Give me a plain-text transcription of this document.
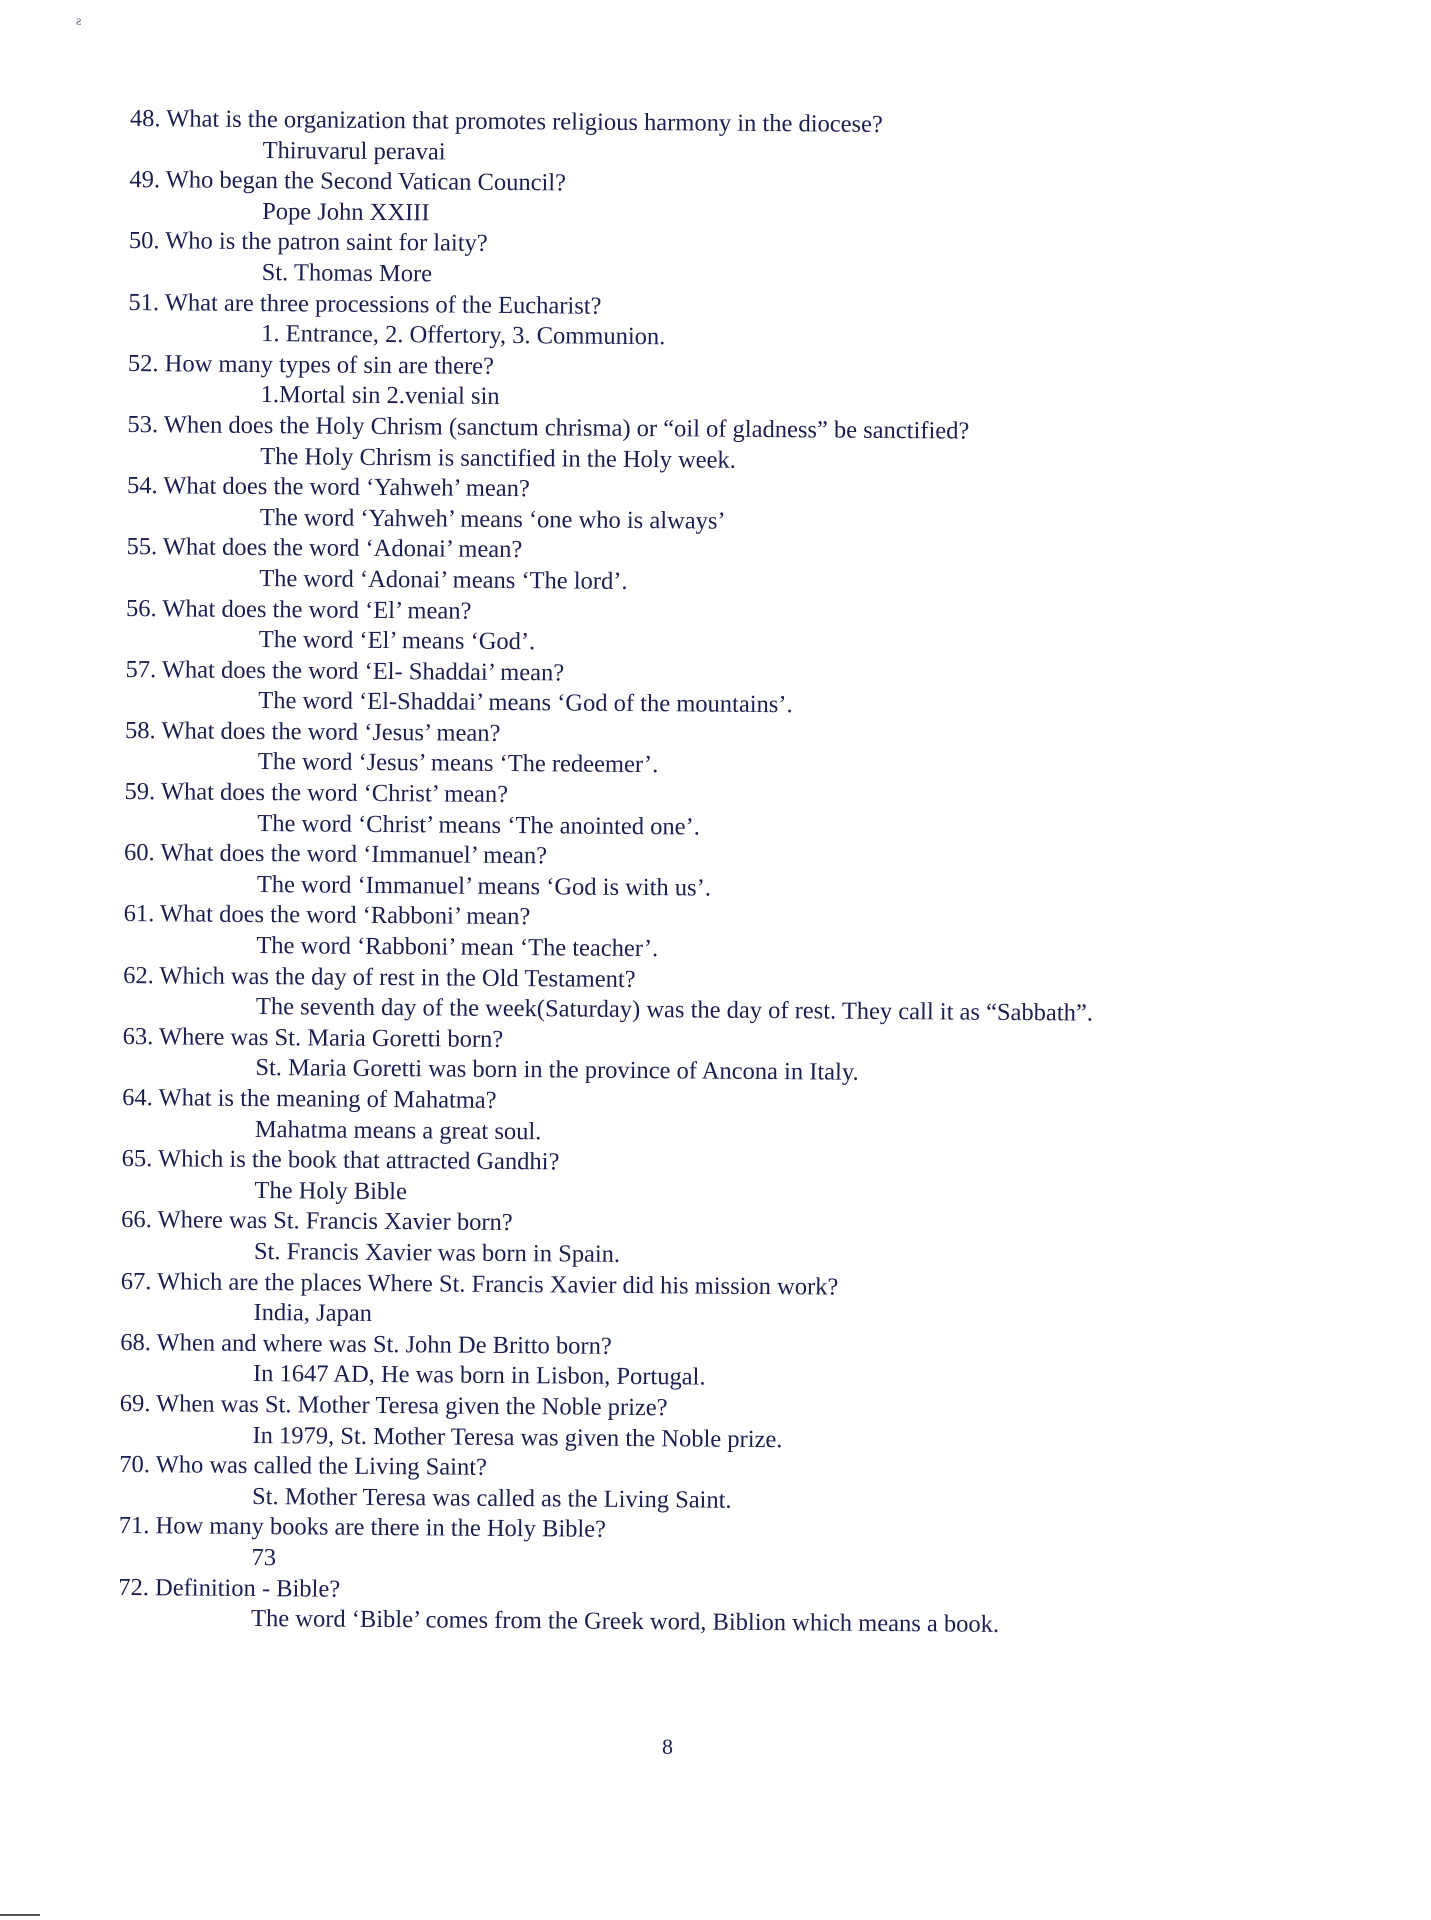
ƨ
48. What is the organization that promotes religious harmony in the diocese?
Thiruvarul peravai
49. Who began the Second Vatican Council?
Pope John XXIII
50. Who is the patron saint for laity?
St. Thomas More
51. What are three processions of the Eucharist?
1. Entrance, 2. Offertory, 3. Communion.
52. How many types of sin are there?
1.Mortal sin 2.venial sin
53. When does the Holy Chrism (sanctum chrisma) or “oil of gladness” be sanctified?
The Holy Chrism is sanctified in the Holy week.
54. What does the word ‘Yahweh’ mean?
The word ‘Yahweh’ means ‘one who is always’
55. What does the word ‘Adonai’ mean?
The word ‘Adonai’ means ‘The lord’.
56. What does the word ‘El’ mean?
The word ‘El’ means ‘God’.
57. What does the word ‘El- Shaddai’ mean?
The word ‘El-Shaddai’ means ‘God of the mountains’.
58. What does the word ‘Jesus’ mean?
The word ‘Jesus’ means ‘The redeemer’.
59. What does the word ‘Christ’ mean?
The word ‘Christ’ means ‘The anointed one’.
60. What does the word ‘Immanuel’ mean?
The word ‘Immanuel’ means ‘God is with us’.
61. What does the word ‘Rabboni’ mean?
The word ‘Rabboni’ mean ‘The teacher’.
62. Which was the day of rest in the Old Testament?
The seventh day of the week(Saturday) was the day of rest. They call it as “Sabbath”.
63. Where was St. Maria Goretti born?
St. Maria Goretti was born in the province of Ancona in Italy.
64. What is the meaning of Mahatma?
Mahatma means a great soul.
65. Which is the book that attracted Gandhi?
The Holy Bible
66. Where was St. Francis Xavier born?
St. Francis Xavier was born in Spain.
67. Which are the places Where St. Francis Xavier did his mission work?
India, Japan
68. When and where was St. John De Britto born?
In 1647 AD, He was born in Lisbon, Portugal.
69. When was St. Mother Teresa given the Noble prize?
In 1979, St. Mother Teresa was given the Noble prize.
70. Who was called the Living Saint?
St. Mother Teresa was called as the Living Saint.
71. How many books are there in the Holy Bible?
73
72. Definition - Bible?
The word ‘Bible’ comes from the Greek word, Biblion which means a book.
8
